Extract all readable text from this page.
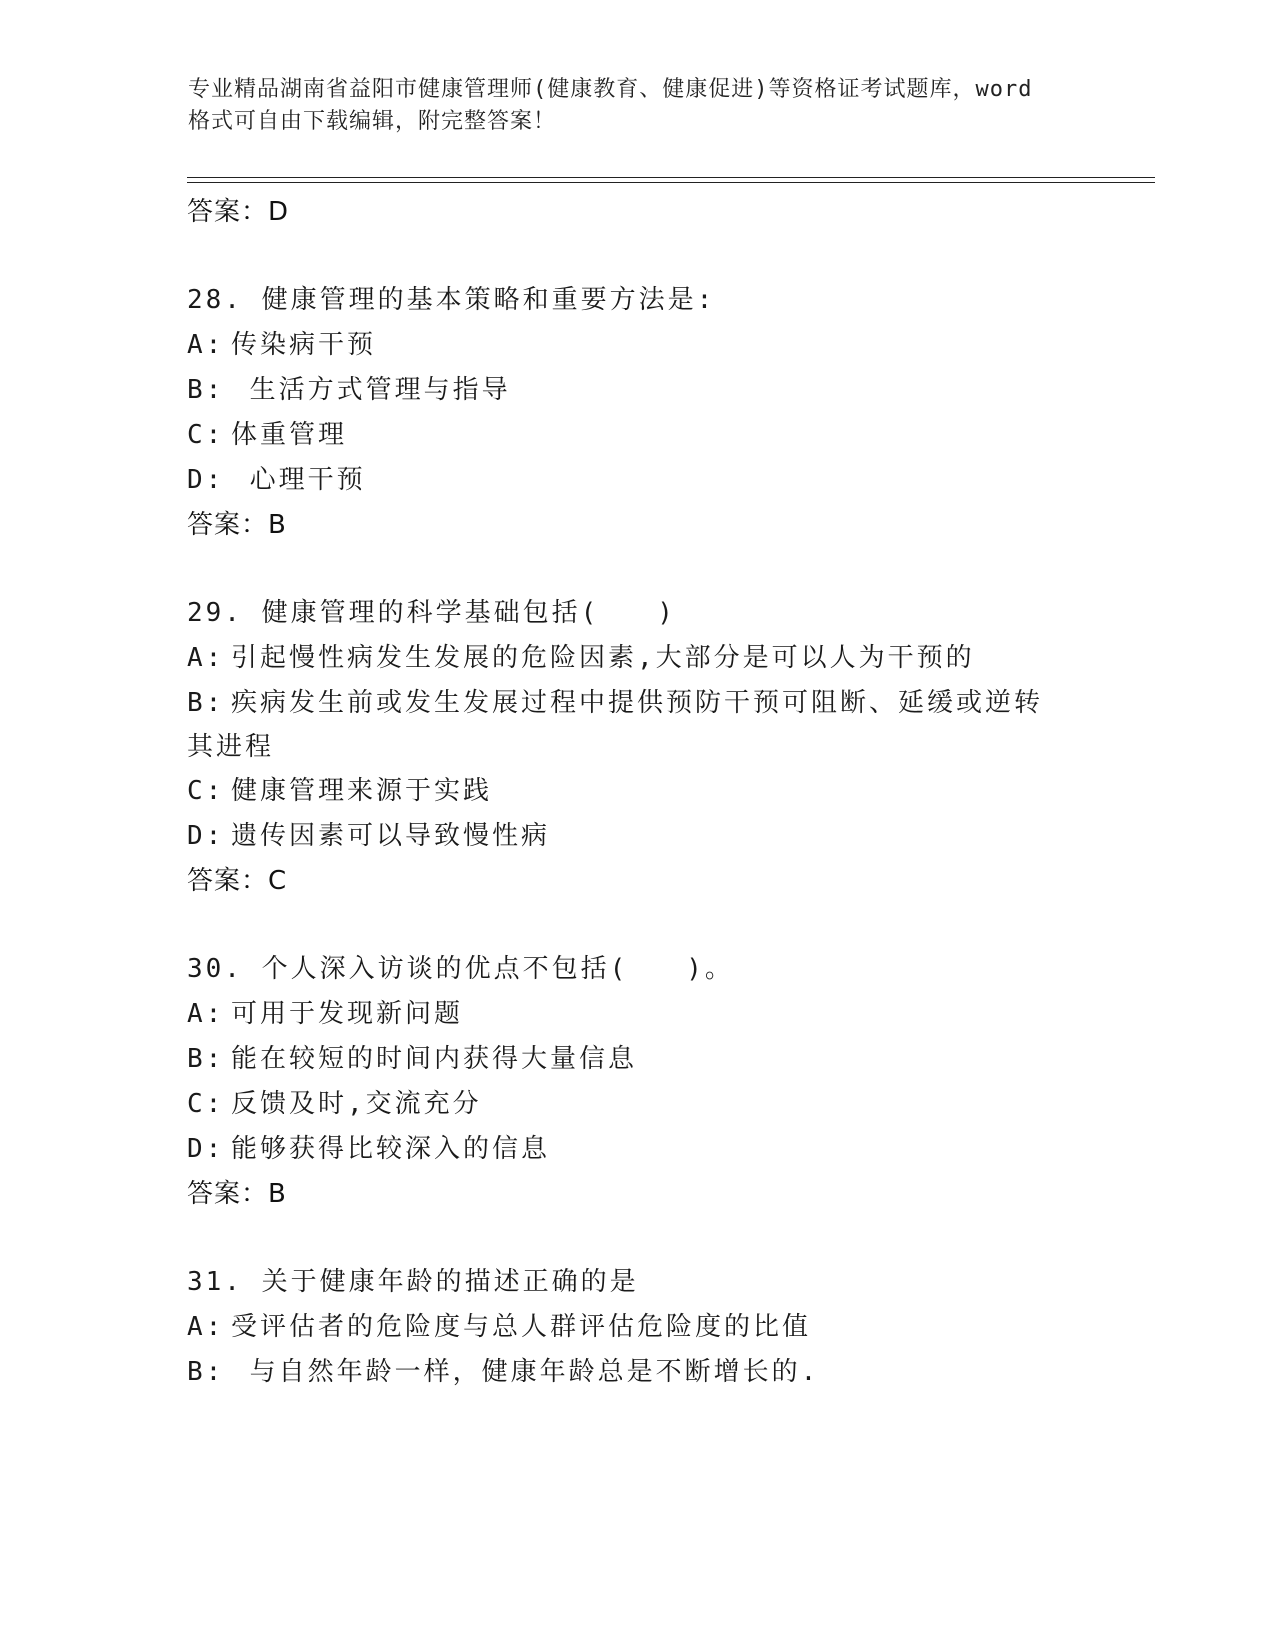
专业精品湖南省益阳市健康管理师(健康教育、健康促进)等资格证考试题库，word
格式可自由下载编辑，附完整答案！
答案：D
28. 健康管理的基本策略和重要方法是:
A: 传染病干预
B: 生活方式管理与指导
C: 体重管理
D: 心理干预
答案：B
29. 健康管理的科学基础包括(　　)
A: 引起慢性病发生发展的危险因素,大部分是可以人为干预的
B: 疾病发生前或发生发展过程中提供预防干预可阻断、延缓或逆转其进程
C: 健康管理来源于实践
D: 遗传因素可以导致慢性病
答案：C
30. 个人深入访谈的优点不包括(　　)。
A: 可用于发现新问题
B: 能在较短的时间内获得大量信息
C: 反馈及时,交流充分
D: 能够获得比较深入的信息
答案：B
31. 关于健康年龄的描述正确的是
A: 受评估者的危险度与总人群评估危险度的比值
B: 与自然年龄一样，健康年龄总是不断增长的.
